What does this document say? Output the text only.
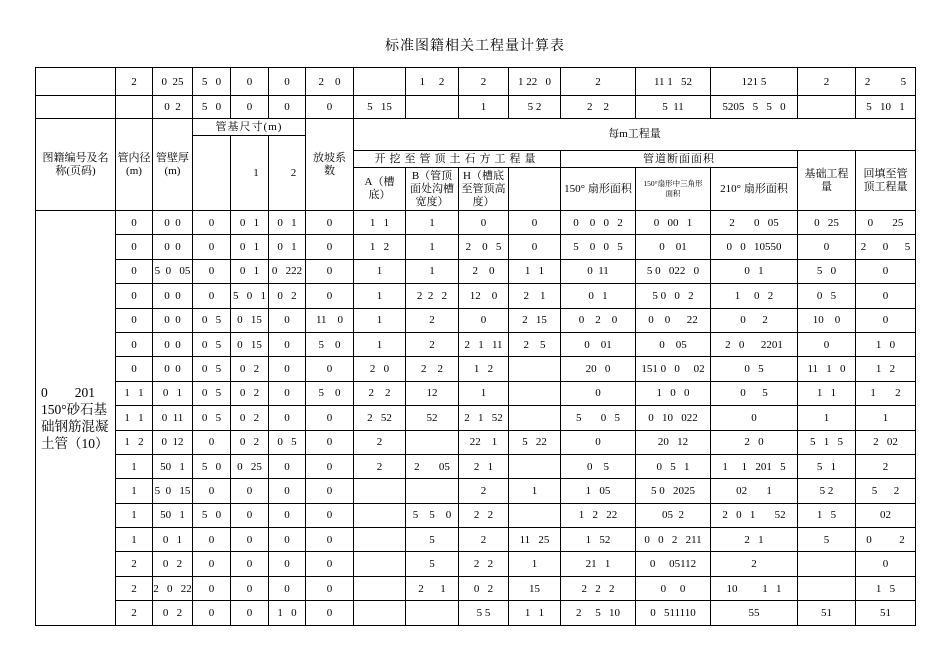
标准图籍相关工程量计算表
	2	0  25	5   0	0	0	2    0		1     2	2	1 22   0	2	11 1   52	121 5	2	2           5
		0  2	5   0	0	0	0	5   15		1	5 2	2    2	5  11	5205   5   5   0		5   10   1
图籍编号及名称(页码)	管内径(m)	管壁厚(m)	管基尺寸(m)			放坡系数	每m工程量								
				1	2										
							开挖至管顶土石方工程量				管道断面面积			基础工程量	回填至管顶工程量
							A（槽底）	B（管顶面处沟槽宽度）	H（槽底至管顶高度）		150° 扇形面积	150°扇形中三角形面积	210° 扇形面积		

0        201
150°砂石基
础钢筋混凝
土管（10）	0	0  0	0	0   1	0   1	0	1   1	1	0	0	0    0   0   2	0   00   1	2       0   05	0   25	0       25
	0	0  0	0	0   1	0   1	0	1   2	1	2    0   5	0	5    0   0   5	0    01	0   0   10550	0	2      0      5
	0	5  0   05	0	0   1	0   222	0	1	1	2    0	1   1	0  11	5 0   022   0	0   1	5   0	0
	0	0  0	0	5   0   1	0   2	0	1	2  2   2	12    0	2    1	0   1	5 0   0   2	1     0   2	0   5	0
	0	0  0	0   5	0   15	0	11    0	1	2	0	2   15	0    2    0	0    0      22	0      2	10    0	0
	0	0  0	0   5	0   15	0	5    0	1	2	2   1   11	2    5	0    01	0    05	2   0      2201	0	1   0
	0	0  0	0   5	0   2	0	0	2   0	2    2	1   2		20   0	151 0   0     02	0   5	11   1   0	1   2
	1   1	0   1	0   5	0   2	0	5    0	2    2	12	1		0	1   0   0	0      5	1   1	1       2
	1   1	0  11	0   5	0   2	0	0	2   52	52	2   1   52		5       0   5	0   10   022	0	1	1
	1   2	0  12	0	0   2	0   5	0	2		22    1	5   22	0	20   12	2   0	5   1   5	2   02
	1	50   1	5   0	0   25	0	0	2	2       05	2   1		0    5	0   5   1	1     1   201   5	5   1	2
	1	5  0   15	0	0	0	0			2	1	1   05	5 0   2025	02       1	5 2	5      2
	1	50   1	5   0	0	0	0		5    5    0	2   2		1   2   22	05  2	2   0   1       52	1   5	02
	1	0   1	0	0	0	0		5	2	11   25	1   52	0   0   2   211	2   1	5	0          2
	2	0   2	0	0	0	0		5	2   2	1	21   1	0     05112	2		0
	2	2   0   22	0	0	0	0		2      1	0   2	15	2   2   2	0     0	10         1   1		1   5
	2	0   2	0	0	1   0	0			5 5	1   1	2     5   10	0   511110	55	51	51
